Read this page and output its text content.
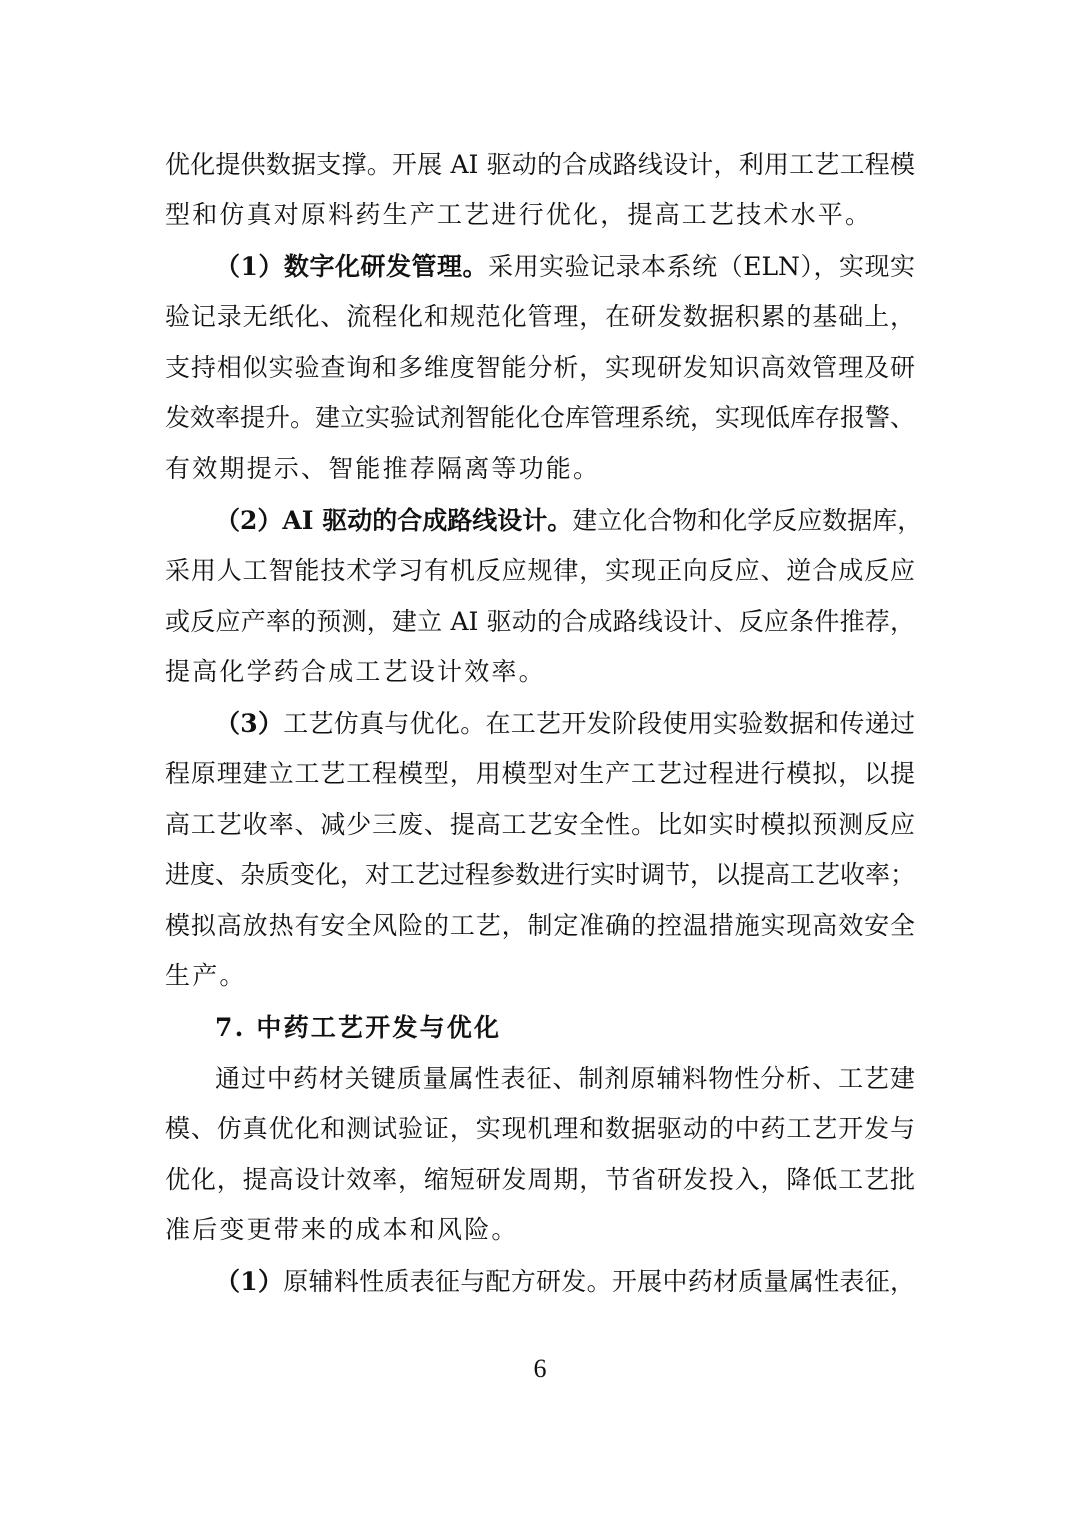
优化提供数据支撑。开展 AI 驱动的合成路线设计，利用工艺工程模
型和仿真对原料药生产工艺进行优化，提高工艺技术水平。
（1）数字化研发管理。采用实验记录本系统（ELN），实现实
验记录无纸化、流程化和规范化管理，在研发数据积累的基础上，
支持相似实验查询和多维度智能分析，实现研发知识高效管理及研
发效率提升。建立实验试剂智能化仓库管理系统，实现低库存报警、
有效期提示、智能推荐隔离等功能。
（2）AI 驱动的合成路线设计。建立化合物和化学反应数据库，
采用人工智能技术学习有机反应规律，实现正向反应、逆合成反应
或反应产率的预测，建立 AI 驱动的合成路线设计、反应条件推荐，
提高化学药合成工艺设计效率。
（3）工艺仿真与优化。在工艺开发阶段使用实验数据和传递过
程原理建立工艺工程模型，用模型对生产工艺过程进行模拟，以提
高工艺收率、减少三废、提高工艺安全性。比如实时模拟预测反应
进度、杂质变化，对工艺过程参数进行实时调节，以提高工艺收率；
模拟高放热有安全风险的工艺，制定准确的控温措施实现高效安全
生产。
7. 中药工艺开发与优化
通过中药材关键质量属性表征、制剂原辅料物性分析、工艺建
模、仿真优化和测试验证，实现机理和数据驱动的中药工艺开发与
优化，提高设计效率，缩短研发周期，节省研发投入，降低工艺批
准后变更带来的成本和风险。
（1）原辅料性质表征与配方研发。开展中药材质量属性表征，
6
